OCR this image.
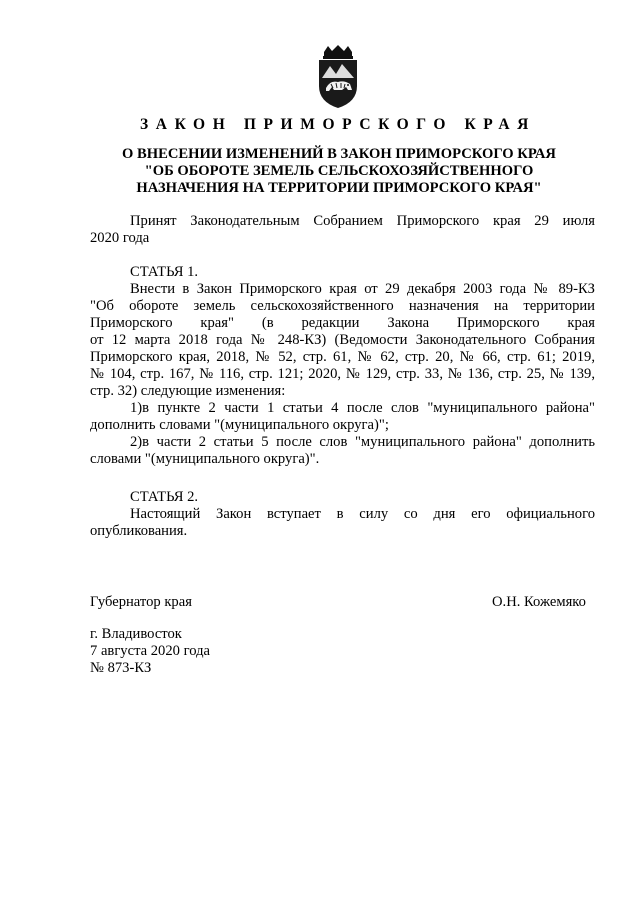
ЗАКОН ПРИМОРСКОГО КРАЯ
О ВНЕСЕНИИ ИЗМЕНЕНИЙ В ЗАКОН ПРИМОРСКОГО КРАЯ
"ОБ ОБОРОТЕ ЗЕМЕЛЬ СЕЛЬСКОХОЗЯЙСТВЕННОГО
НАЗНАЧЕНИЯ НА ТЕРРИТОРИИ ПРИМОРСКОГО КРАЯ"
Принят Законодательным Собранием Приморского края 29 июля
2020 года
СТАТЬЯ 1.
Внести в Закон Приморского края от 29 декабря 2003 года № 89-КЗ
"Об обороте земель сельскохозяйственного назначения на территории
Приморского края" (в редакции Закона Приморского края
от 12 марта 2018 года № 248-КЗ) (Ведомости Законодательного Собрания
Приморского края, 2018, № 52, стр. 61, № 62, стр. 20, № 66, стр. 61; 2019,
№ 104, стр. 167, № 116, стр. 121; 2020, № 129, стр. 33, № 136, стр. 25, № 139,
стр. 32) следующие изменения:
1)в пункте 2 части 1 статьи 4 после слов "муниципального района"
дополнить словами "(муниципального округа)";
2)в части 2 статьи 5 после слов "муниципального района" дополнить
словами "(муниципального округа)".
СТАТЬЯ 2.
Настоящий Закон вступает в силу со дня его официального
опубликования.
Губернатор края	О.Н. Кожемяко
г. Владивосток
7 августа 2020 года
№ 873-КЗ
